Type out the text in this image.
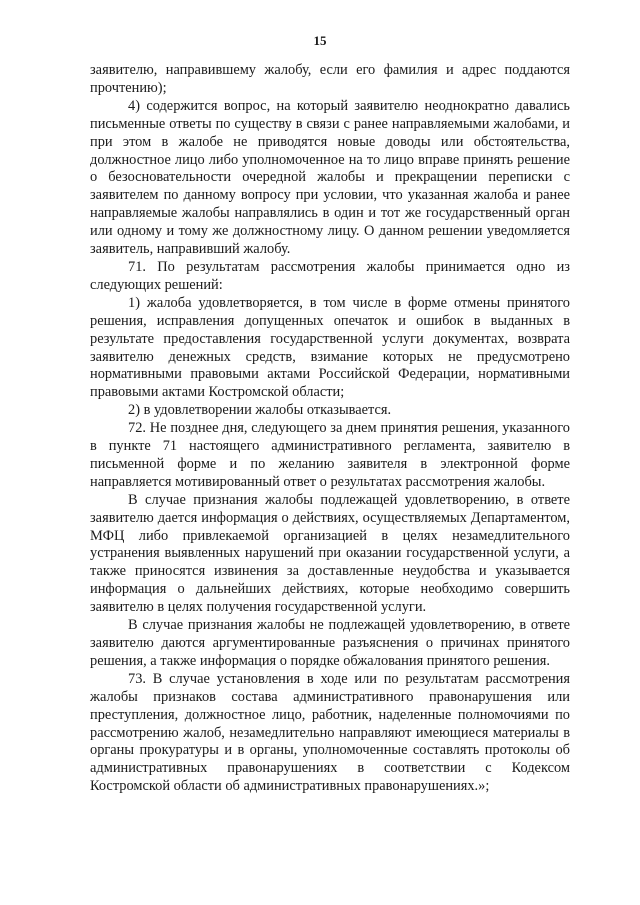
15

заявителю, направившему жалобу, если его фамилия и адрес поддаются прочтению);

4) содержится вопрос, на который заявителю неоднократно давались письменные ответы по существу в связи с ранее направляемыми жалобами, и при этом в жалобе не приводятся новые доводы или обстоятельства, должностное лицо либо уполномоченное на то лицо вправе принять решение о безосновательности очередной жалобы и прекращении переписки с заявителем по данному вопросу при условии, что указанная жалоба и ранее направляемые жалобы направлялись в один и тот же государственный орган или одному и тому же должностному лицу. О данном решении уведомляется заявитель, направивший жалобу.

71. По результатам рассмотрения жалобы принимается одно из следующих решений:

1) жалоба удовлетворяется, в том числе в форме отмены принятого решения, исправления допущенных опечаток и ошибок в выданных в результате предоставления государственной услуги документах, возврата заявителю денежных средств, взимание которых не предусмотрено нормативными правовыми актами Российской Федерации, нормативными правовыми актами Костромской области;

2) в удовлетворении жалобы отказывается.

72. Не позднее дня, следующего за днем принятия решения, указанного в пункте 71 настоящего административного регламента, заявителю в письменной форме и по желанию заявителя в электронной форме направляется мотивированный ответ о результатах рассмотрения жалобы.

В случае признания жалобы подлежащей удовлетворению, в ответе заявителю дается информация о действиях, осуществляемых Департаментом, МФЦ либо привлекаемой организацией в целях незамедлительного устранения выявленных нарушений при оказании государственной услуги, а также приносятся извинения за доставленные неудобства и указывается информация о дальнейших действиях, которые необходимо совершить заявителю в целях получения государственной услуги.

В случае признания жалобы не подлежащей удовлетворению, в ответе заявителю даются аргументированные разъяснения о причинах принятого решения, а также информация о порядке обжалования принятого решения.

73. В случае установления в ходе или по результатам рассмотрения жалобы признаков состава административного правонарушения или преступления, должностное лицо, работник, наделенные полномочиями по рассмотрению жалоб, незамедлительно направляют имеющиеся материалы в органы прокуратуры и в органы, уполномоченные составлять протоколы об административных правонарушениях в соответствии с Кодексом Костромской области об административных правонарушениях.»;
